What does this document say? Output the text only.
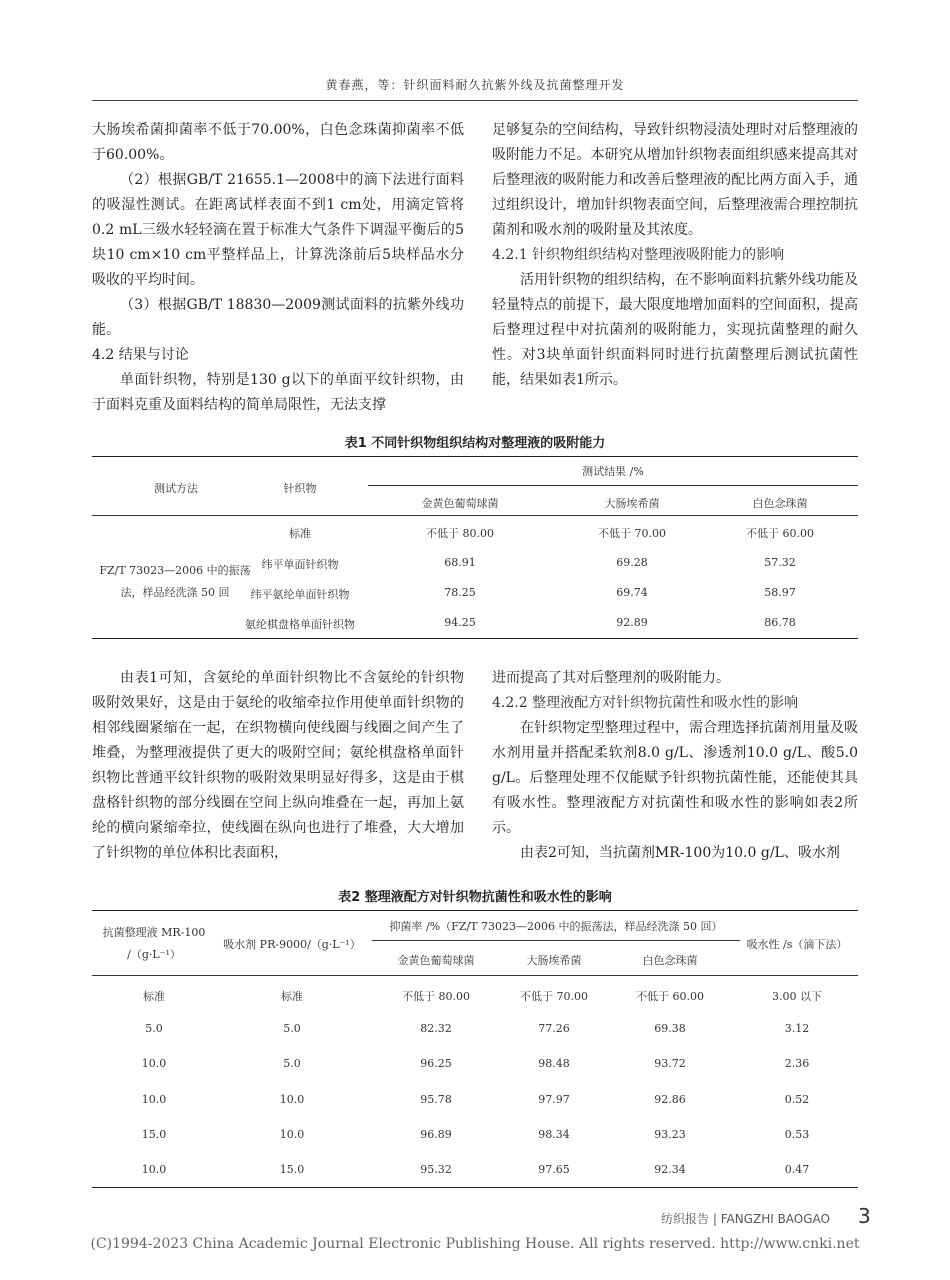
黄春燕，等：针织面料耐久抗紫外线及抗菌整理开发

大肠埃希菌抑菌率不低于70.00%，白色念珠菌抑菌率不低于60.00%。

（2）根据GB/T 21655.1—2008中的滴下法进行面料的吸湿性测试。在距离试样表面不到1 cm处，用滴定管将0.2 mL三级水轻轻滴在置于标准大气条件下调湿平衡后的5块10 cm×10 cm平整样品上，计算洗涤前后5块样品水分吸收的平均时间。

（3）根据GB/T 18830—2009测试面料的抗紫外线功能。

4.2 结果与讨论

单面针织物，特别是130 g以下的单面平纹针织物，由于面料克重及面料结构的简单局限性，无法支撑

足够复杂的空间结构，导致针织物浸渍处理时对后整理液的吸附能力不足。本研究从增加针织物表面组织感来提高其对后整理液的吸附能力和改善后整理液的配比两方面入手，通过组织设计，增加针织物表面空间，后整理液需合理控制抗菌剂和吸水剂的吸附量及其浓度。

4.2.1 针织物组织结构对整理液吸附能力的影响

活用针织物的组织结构，在不影响面料抗紫外线功能及轻量特点的前提下，最大限度地增加面料的空间面积，提高后整理过程中对抗菌剂的吸附能力，实现抗菌整理的耐久性。对3块单面针织面料同时进行抗菌整理后测试抗菌性能，结果如表1所示。

表1 不同针织物组织结构对整理液的吸附能力
测试方法	针织物
测试结果 /%
金黄色葡萄球菌	大肠埃希菌	白色念珠菌
FZ/T 73023—2006 中的振荡法，样品经洗涤 50 回
标准	不低于 80.00	不低于 70.00	不低于 60.00
纬平单面针织物	68.91	69.28	57.32
纬平氨纶单面针织物	78.25	69.74	58.97
氨纶棋盘格单面针织物	94.25	92.89	86.78

由表1可知，含氨纶的单面针织物比不含氨纶的针织物吸附效果好，这是由于氨纶的收缩牵拉作用使单面针织物的相邻线圈紧缩在一起，在织物横向使线圈与线圈之间产生了堆叠，为整理液提供了更大的吸附空间；氨纶棋盘格单面针织物比普通平纹针织物的吸附效果明显好得多，这是由于棋盘格针织物的部分线圈在空间上纵向堆叠在一起，再加上氨纶的横向紧缩牵拉，使线圈在纵向也进行了堆叠，大大增加了针织物的单位体积比表面积，

进而提高了其对后整理剂的吸附能力。

4.2.2 整理液配方对针织物抗菌性和吸水性的影响

在针织物定型整理过程中，需合理选择抗菌剂用量及吸水剂用量并搭配柔软剂8.0 g/L、渗透剂10.0 g/L、酸5.0 g/L。后整理处理不仅能赋予针织物抗菌性能，还能使其具有吸水性。整理液配方对抗菌性和吸水性的影响如表2所示。

由表2可知，当抗菌剂MR-100为10.0 g/L、吸水剂

表2 整理液配方对针织物抗菌性和吸水性的影响
抗菌整理液 MR-100
/（g·L⁻¹）
吸水剂 PR-9000/（g·L⁻¹）
抑菌率 /%（FZ/T 73023—2006 中的振荡法，样品经洗涤 50 回）
吸水性 /s（滴下法）
金黄色葡萄球菌	大肠埃希菌	白色念珠菌
标准	标准	不低于 80.00	不低于 70.00	不低于 60.00	3.00 以下
5.0	5.0	82.32	77.26	69.38	3.12
10.0	5.0	96.25	98.48	93.72	2.36
10.0	10.0	95.78	97.97	92.86	0.52
15.0	10.0	96.89	98.34	93.23	0.53
10.0	15.0	95.32	97.65	92.34	0.47
纺织报告 | FANGZHI BAOGAO 3
(C)1994-2023 China Academic Journal Electronic Publishing House. All rights reserved. http://www.cnki.net
